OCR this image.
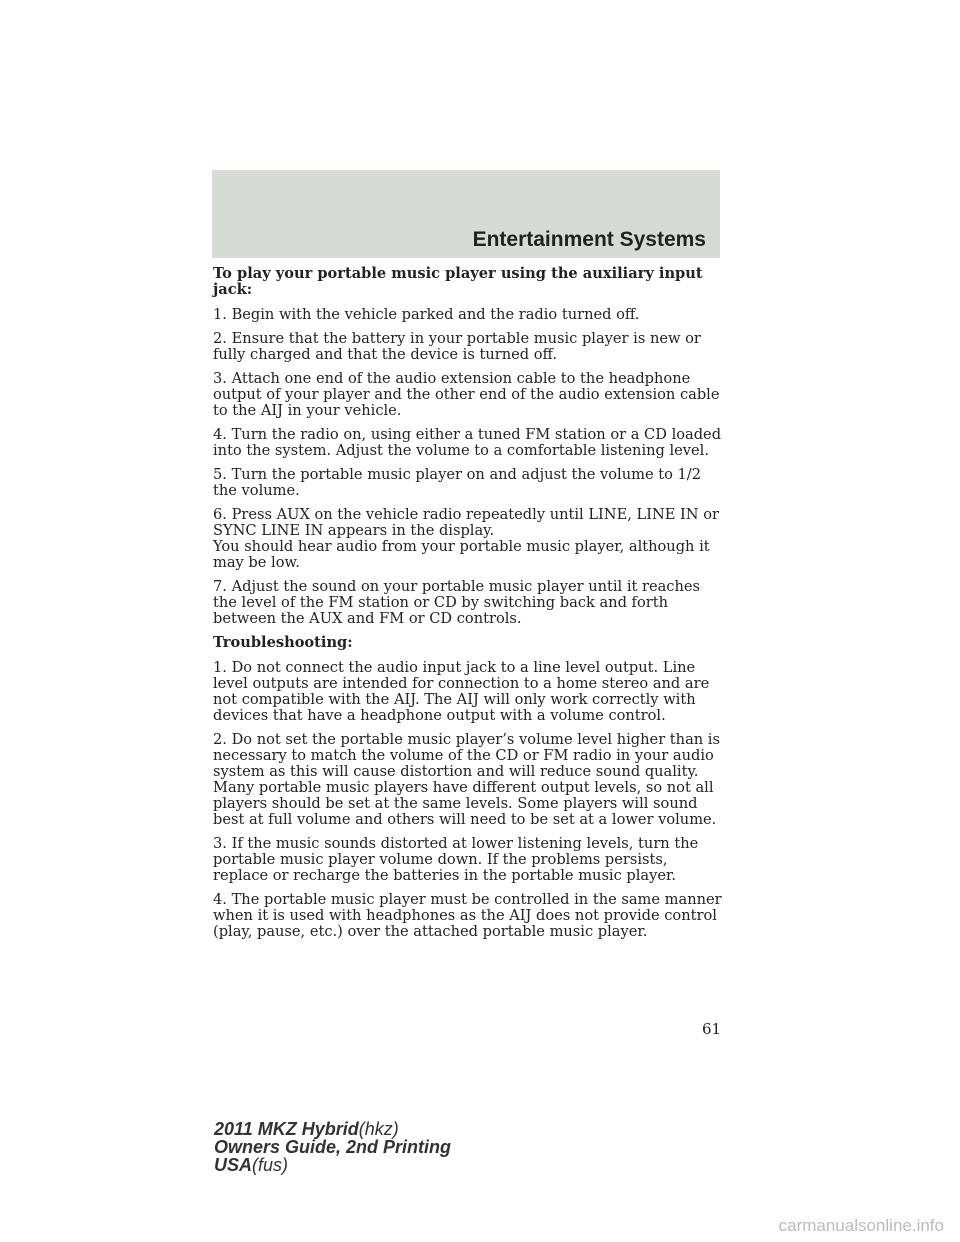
Entertainment Systems

To play your portable music player using the auxiliary input jack:

1. Begin with the vehicle parked and the radio turned off.

2. Ensure that the battery in your portable music player is new or fully charged and that the device is turned off.

3. Attach one end of the audio extension cable to the headphone output of your player and the other end of the audio extension cable to the AIJ in your vehicle.

4. Turn the radio on, using either a tuned FM station or a CD loaded into the system. Adjust the volume to a comfortable listening level.

5. Turn the portable music player on and adjust the volume to 1/2 the volume.

6. Press AUX on the vehicle radio repeatedly until LINE, LINE IN or SYNC LINE IN appears in the display.

You should hear audio from your portable music player, although it may be low.

7. Adjust the sound on your portable music player until it reaches the level of the FM station or CD by switching back and forth between the AUX and FM or CD controls.

Troubleshooting:

1. Do not connect the audio input jack to a line level output. Line level outputs are intended for connection to a home stereo and are not compatible with the AIJ. The AIJ will only work correctly with devices that have a headphone output with a volume control.

2. Do not set the portable music player’s volume level higher than is necessary to match the volume of the CD or FM radio in your audio system as this will cause distortion and will reduce sound quality. Many portable music players have different output levels, so not all players should be set at the same levels. Some players will sound best at full volume and others will need to be set at a lower volume.

3. If the music sounds distorted at lower listening levels, turn the portable music player volume down. If the problems persists, replace or recharge the batteries in the portable music player.

4. The portable music player must be controlled in the same manner when it is used with headphones as the AIJ does not provide control (play, pause, etc.) over the attached portable music player.

61
2011 MKZ Hybrid(hkz)
Owners Guide, 2nd Printing
USA(fus)
carmanualsonline.info
